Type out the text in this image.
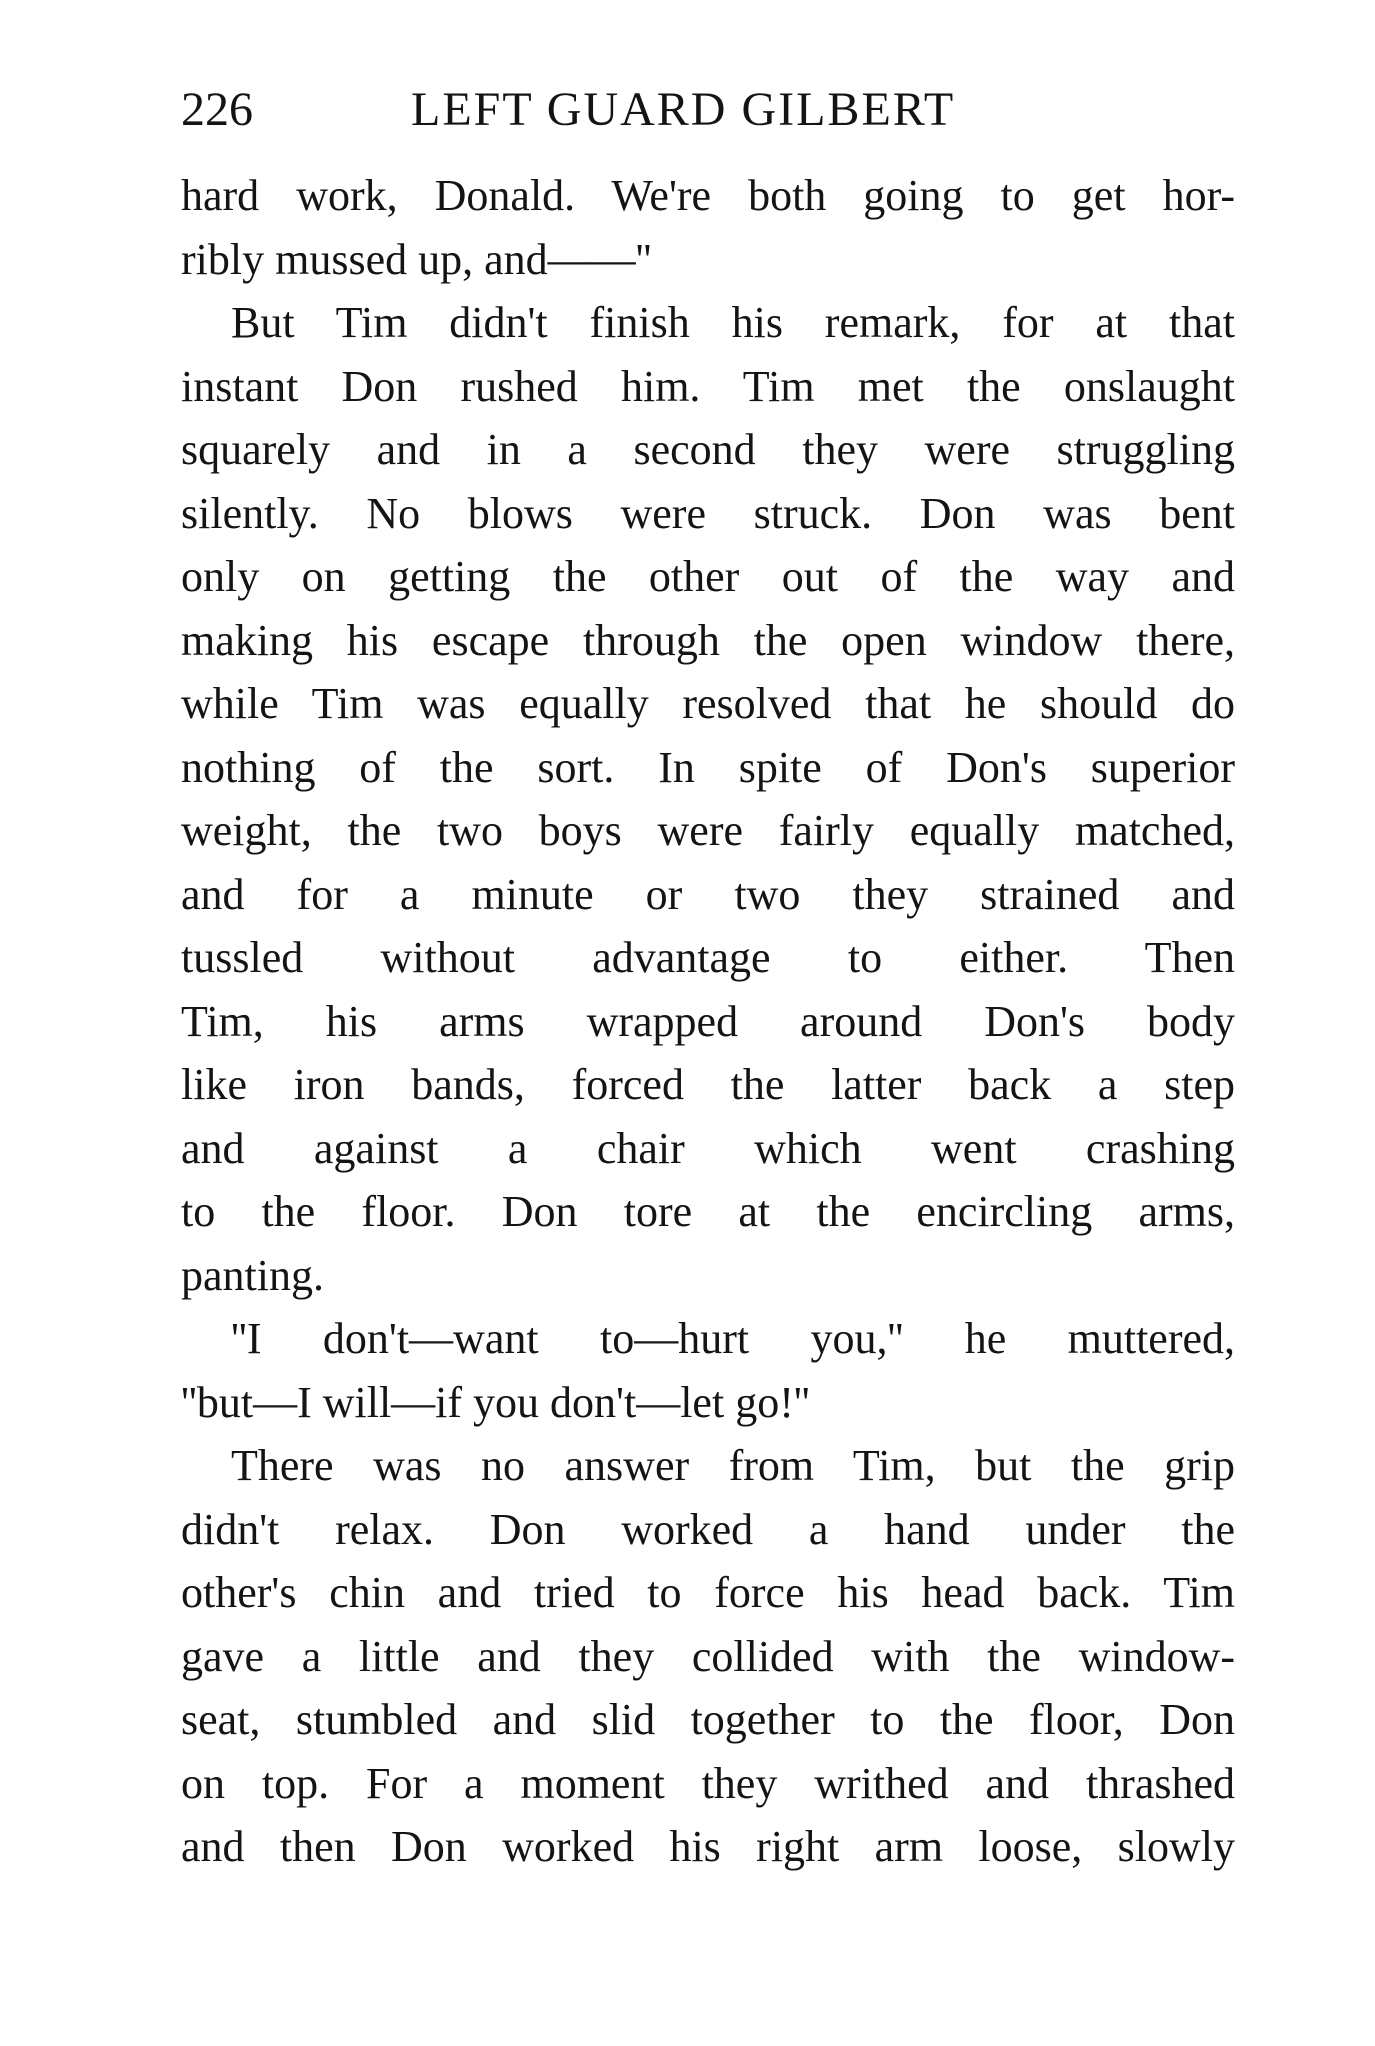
226	LEFT GUARD GILBERT
hard work, Donald. We're both going to get hor-
ribly mussed up, and——''
But Tim didn't finish his remark, for at that
instant Don rushed him. Tim met the onslaught
squarely and in a second they were struggling
silently. No blows were struck. Don was bent
only on getting the other out of the way and
making his escape through the open window there,
while Tim was equally resolved that he should do
nothing of the sort. In spite of Don's superior
weight, the two boys were fairly equally matched,
and for a minute or two they strained and
tussled without advantage to either. Then
Tim, his arms wrapped around Don's body
like iron bands, forced the latter back a step
and against a chair which went crashing
to the floor. Don tore at the encircling arms,
panting.
''I don't—want to—hurt you,'' he muttered,
''but—I will—if you don't—let go!''
There was no answer from Tim, but the grip
didn't relax. Don worked a hand under the
other's chin and tried to force his head back. Tim
gave a little and they collided with the window-
seat, stumbled and slid together to the floor, Don
on top. For a moment they writhed and thrashed
and then Don worked his right arm loose, slowly
